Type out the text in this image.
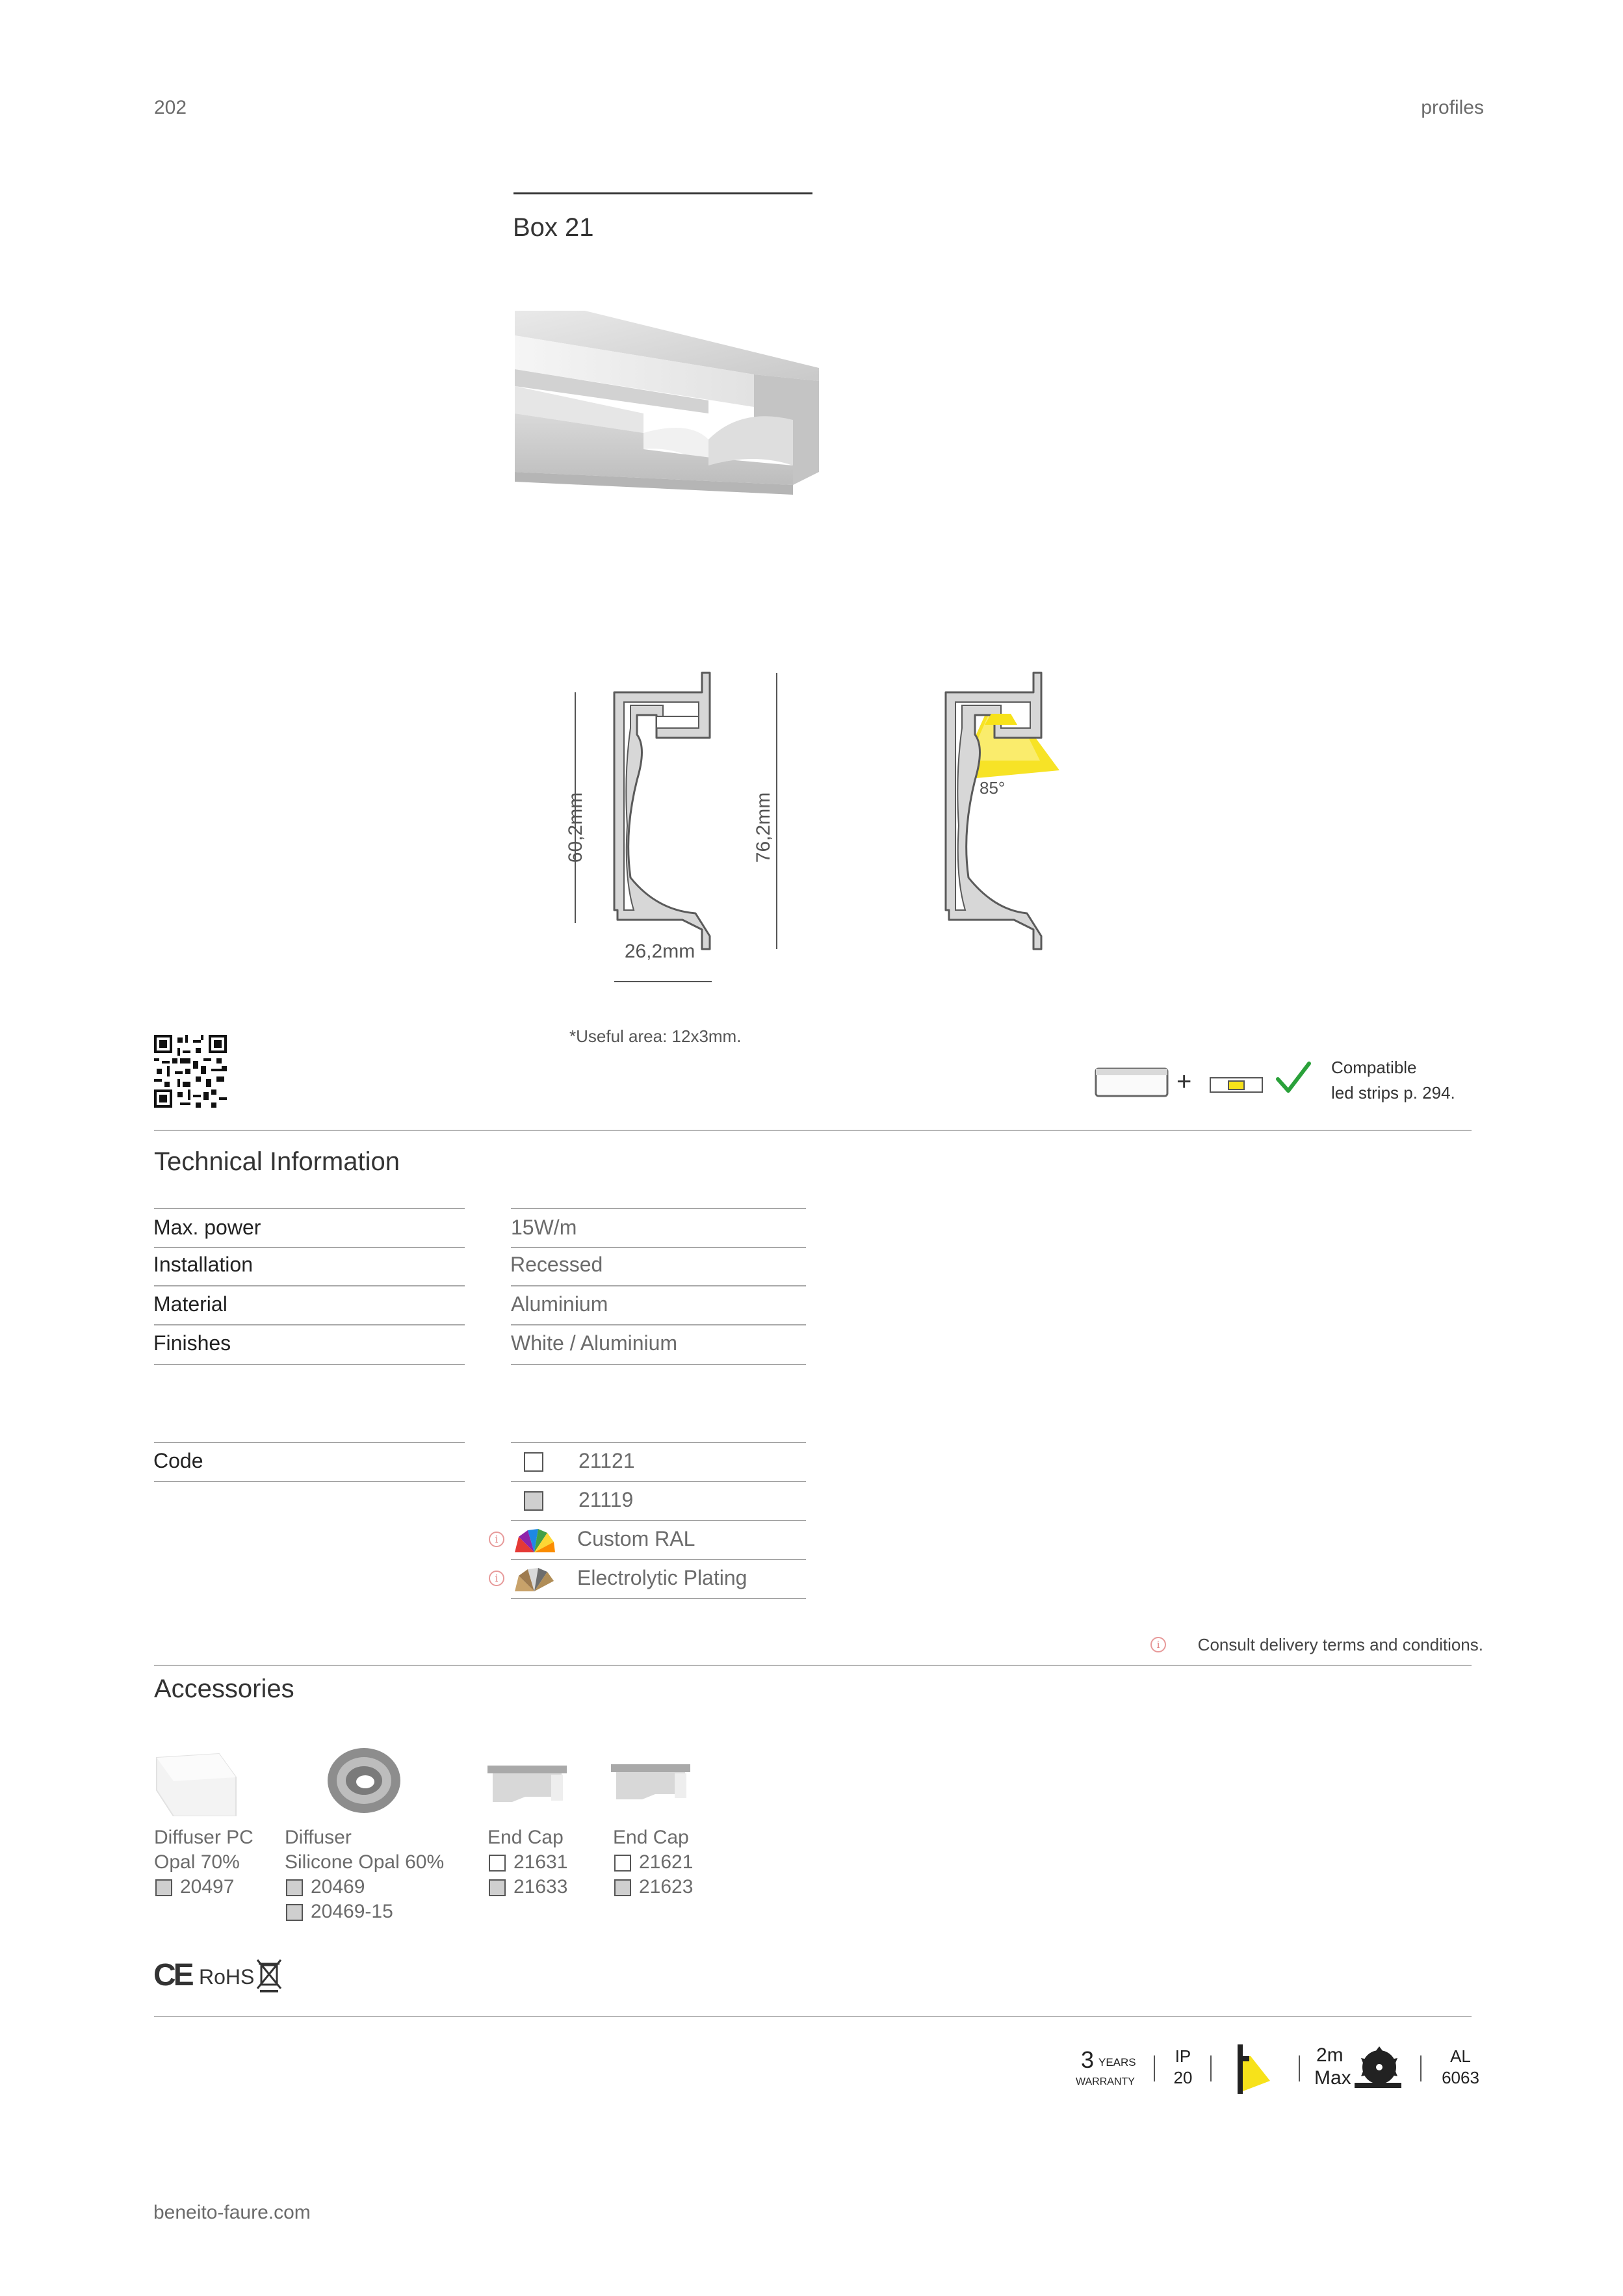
202	profiles
Box 21
60,2mm	76,2mm
26,2mm
85°
*Useful area: 12x3mm.
+	Compatible
led strips p. 294.
Technical Information
Max. power	15W/m
Installation	Recessed
Material	Aluminium
Finishes	White / Aluminium
Code	21121
21119
i	Custom RAL
i	Electrolytic Plating
i	Consult delivery terms and conditions.
Accessories
Diffuser PC
Opal 70%
20497
Diffuser
Silicone Opal 60%
20469
20469-15
End Cap
21631
21633
End Cap
21621
21623
CE RoHS
3 YEARS
WARRANTY
IP
20
2m
Max
AL
6063
beneito-faure.com
